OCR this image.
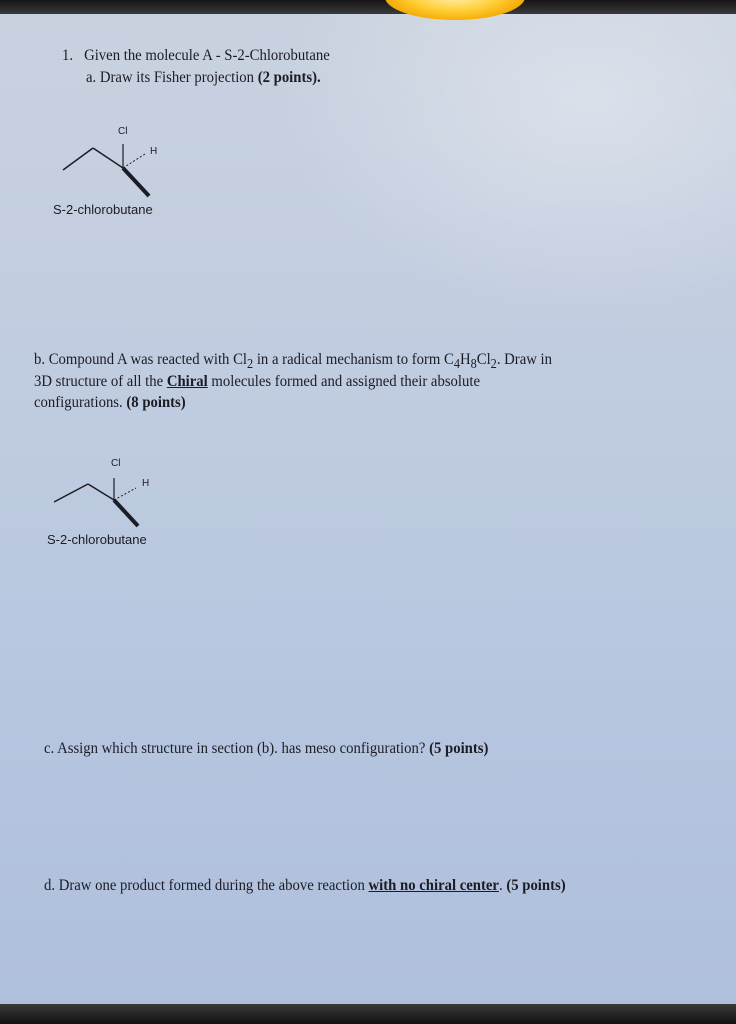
1. Given the molecule A - S-2-Chlorobutane
a. Draw its Fisher projection (2 points).
Cl
H
S-2-chlorobutane
b. Compound A was reacted with $Cl_2$ in a radical mechanism to form $C_4H_8Cl_2$. Draw in
3D structure of all the Chiral molecules formed and assigned their absolute
configurations. (8 points)
Cl
H
S-2-chlorobutane
c. Assign which structure in section (b). has meso configuration? (5 points)
d. Draw one product formed during the above reaction with no chiral center. (5 points)
